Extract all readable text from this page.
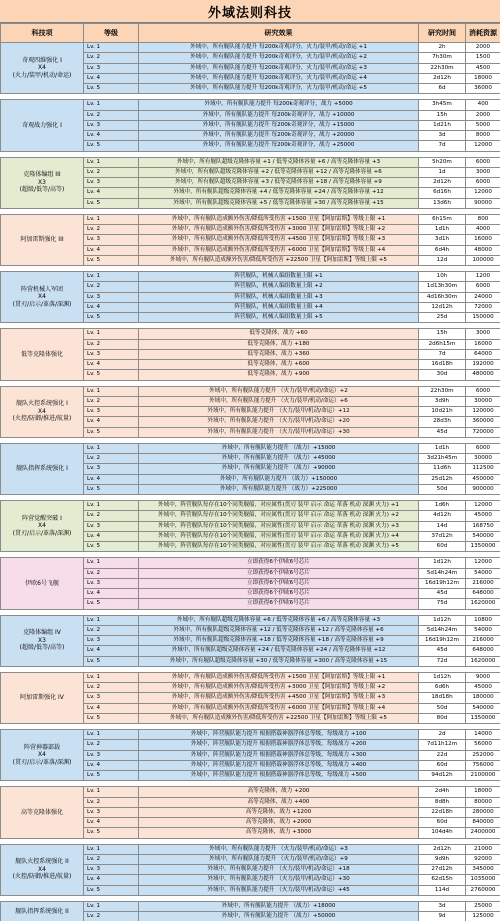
外域法则科技
科技项	等级	研究效果	研究时间	消耗资源

奇观四维强化 I
X4
(火力/装甲/机动/命运)	Lv. 1	外域中，所有舰队能力提升 每200k奇观评分，火力/装甲/机动/命运 +1	2h	2000
	Lv. 2	外域中，所有舰队能力提升 每200k奇观评分，火力/装甲/机动/命运 +2	7h30m	1500
	Lv. 3	外域中，所有舰队能力提升 每200k奇观评分，火力/装甲/机动/命运 +3	22h30m	4500
	Lv. 4	外域中，所有舰队能力提升 每200k奇观评分，火力/装甲/机动/命运 +4	2d12h	18000
	Lv. 5	外域中，所有舰队能力提升 每200k奇观评分，火力/装甲/机动/命运 +5	6d	36000

奇观战力强化 I	Lv. 1	外域中，所有舰队能力提升 每200k奇观评分，战力 +5000	3h45m	400
	Lv. 2	外域中，所有舰队能力提升 每200k奇观评分，战力 +10000	15h	2000
	Lv. 3	外域中，所有舰队能力提升 每200k奇观评分，战力 +15000	1d21h	5000
	Lv. 4	外域中，所有舰队能力提升 每200k奇观评分，战力 +20000	3d	8000
	Lv. 5	外域中，所有舰队能力提升 每200k奇观评分，战力 +25000	7d	12000

克隆体编组 III
X3
(超级/低等/高等)	Lv. 1	外域中，所有舰队超级克隆体容量 +1 / 低等克隆体容量 +6 / 高等克隆体容量 +3	5h20m	6000
	Lv. 2	外域中，所有舰队超级克隆体容量 +2 / 低等克隆体容量 +12 / 高等克隆体容量 +6	1d	3000
	Lv. 3	外域中，所有舰队超级克隆体容量 +3 / 低等克隆体容量 +18 / 高等克隆体容量 +9	2d12h	6000
	Lv. 4	外域中，所有舰队超级克隆体容量 +4 / 低等克隆体容量 +24 / 高等克隆体容量 +12	6d16h	12000
	Lv. 5	外域中，所有舰队超级克隆体容量 +5 / 低等克隆体容量 +30 / 高等克隆体容量 +15	13d6h	90000

阿加雷斯强化 III	Lv. 1	外域中，所有舰队造成额外伤害/降低所受伤害 +1500 卫星【阿加雷斯】等级上限 +1	6h15m	800
	Lv. 2	外域中，所有舰队造成额外伤害/降低所受伤害 +3000 卫星【阿加雷斯】等级上限 +2	1d1h	4000
	Lv. 3	外域中，所有舰队造成额外伤害/降低所受伤害 +4500 卫星【阿加雷斯】等级上限 +3	3d1h	16000
	Lv. 4	外域中，所有舰队造成额外伤害/降低所受伤害 +6000 卫星【阿加雷斯】等级上限 +4	6d4h	48000
	Lv. 5	外域中，所有舰队造成额外伤害/降低所受伤害 +22500 卫星【阿加雷斯】等级上限 +5	12d	100000

阵营机械人军团
X4
(贯刃/启示/革落/深渊)	Lv. 1	阵营舰队，机械人编组数量上限 +1	10h	1200
	Lv. 2	阵营舰队，机械人编组数量上限 +2	1d13h30m	6000
	Lv. 3	阵营舰队，机械人编组数量上限 +3	4d16h30m	24000
	Lv. 4	阵营舰队，机械人编组数量上限 +4	12d12h	72000
	Lv. 5	阵营舰队，机械人编组数量上限 +5	25d	150000

低等克隆体强化	Lv. 1	低等克隆体，战力 +60	15h	3000
	Lv. 2	低等克隆体，战力 +180	2d6h15m	16000
	Lv. 3	低等克隆体，战力 +360	7d	64000
	Lv. 4	低等克隆体，战力 +600	16d18h	192000
	Lv. 5	低等克隆体，战力 +900	30d	480000

舰队火控系统强化 I
X4
(火控/防御/推进/航量)	Lv. 1	外域中，所有舰队能力提升 （火力/装甲/机动/命运）+2	22h30m	6000
	Lv. 2	外域中，所有舰队能力提升 （火力/装甲/机动/命运）+6	3d9h	30000
	Lv. 3	外域中，所有舰队能力提升 （火力/装甲/机动/命运）+12	10d21h	120000
	Lv. 4	外域中，所有舰队能力提升 （火力/装甲/机动/命运）+20	28d3h	360000
	Lv. 5	外域中，所有舰队能力提升 （火力/装甲/机动/命运）+30	45d	720000

舰队指挥系统强化 I	Lv. 1	外域中，所有舰队能力提升 （战力）+15000	1d1h	6000
	Lv. 2	外域中，所有舰队能力提升 （战力）+45000	3d21h45m	30000
	Lv. 3	外域中，所有舰队能力提升 （战力）+90000	11d6h	112500
	Lv. 4	外域中，所有舰队能力提升 （战力）+150000	25d12h	450000
	Lv. 5	外域中，所有舰队能力提升 （战力）+225000	50d	900000

阵营觉醒突破 I
X4
(贯刃/启示/革落/深渊)	Lv. 1	外域中，阵营舰队每存在10个同类舰船，对应属性(贯刃 装甲 启示 命运 革落 机动 深渊 火力) +1	1d6h	12000
	Lv. 2	外域中，阵营舰队每存在10个同类舰船，对应属性(贯刃 装甲 启示 命运 革落 机动 深渊 火力) +2	4d12h	45000
	Lv. 3	外域中，阵营舰队每存在10个同类舰船，对应属性(贯刃 装甲 启示 命运 革落 机动 深渊 火力) +3	14d	168750
	Lv. 4	外域中，阵营舰队每存在10个同类舰船，对应属性(贯刃 装甲 启示 命运 革落 机动 深渊 火力) +4	37d12h	540000
	Lv. 5	外域中，阵营舰队每存在10个同类舰船，对应属性(贯刃 装甲 启示 命运 革落 机动 深渊 火力) +5	60d	1350000

伊欧6号飞舰	Lv. 1	立即获得6个伊欧6号芯片	1d12h	12000
	Lv. 2	立即获得6个伊欧6号芯片	5d14h24m	54000
	Lv. 3	立即获得6个伊欧6号芯片	16d19h12m	216000
	Lv. 4	立即获得6个伊欧6号芯片	45d	648000
	Lv. 5	立即获得6个伊欧6号芯片	75d	1620000

克隆体编组 IV
X3
(超级/低等/高等)	Lv. 1	外域中，所有舰队超级克隆体容量 +6 / 低等克隆体容量 +6 / 高等克隆体容量 +3	1d12h	10800
	Lv. 2	外域中，所有舰队超级克隆体容量 +12 / 低等克隆体容量 +12 / 高等克隆体容量 +6	5d14h24m	54000
	Lv. 3	外域中，所有舰队超级克隆体容量 +18 / 低等克隆体容量 +18 / 高等克隆体容量 +9	16d19h12m	216000
	Lv. 4	外域中，所有舰队超级克隆体容量 +24 / 低等克隆体容量 +24 / 高等克隆体容量 +12	45d	648000
	Lv. 5	外域中，所有舰队超级克隆体容量 +30 / 低等克隆体容量 +300 / 高等克隆体容量 +15	72d	1620000

阿加雷斯强化 IV	Lv. 1	外域中，所有舰队造成额外伤害/降低所受伤害 +1500 卫星【阿加雷斯】等级上限 +1	1d12h	9000
	Lv. 2	外域中，所有舰队造成额外伤害/降低所受伤害 +3000 卫星【阿加雷斯】等级上限 +2	6d6h	45000
	Lv. 3	外域中，所有舰队造成额外伤害/降低所受伤害 +4500 卫星【阿加雷斯】等级上限 +3	18d18h	180000
	Lv. 4	外域中，所有舰队造成额外伤害/降低所受伤害 +6000 卫星【阿加雷斯】等级上限 +4	50d	540000
	Lv. 5	外域中，所有舰队造成额外伤害/降低所受伤害 +22500 卫星【阿加雷斯】等级上限 +5	80d	1350000

阵营神器部载
X4
(贯刃/启示/革落/深渊)	Lv. 1	外域中，阵营舰队能力提升 根据搭载神器浮体总等级，每级战力 +100	2d	14000
	Lv. 2	外域中，阵营舰队能力提升 根据搭载神器浮体总等级，每级战力 +200	7d11h12m	56000
	Lv. 3	外域中，阵营舰队能力提升 根据搭载神器浮体总等级，每级战力 +300	22d	252000
	Lv. 4	外域中，阵营舰队能力提升 根据搭载神器浮体总等级，每级战力 +400	60d	756000
	Lv. 5	外域中，阵营舰队能力提升 根据搭载神器浮体总等级，每级战力 +500	94d12h	2100000

高等克隆体强化	Lv. 1	高等克隆体，战力 +200	2d4h	18000
	Lv. 2	高等克隆体，战力 +400	8d8h	80000
	Lv. 3	高等克隆体，战力 +1200	22d18h	280000
	Lv. 4	高等克隆体，战力 +2000	60d	840000
	Lv. 5	高等克隆体，战力 +3000	104d4h	2400000

舰队火控系统强化 II
X4
(火控/防御/推进/航量)	Lv. 1	外域中，所有舰队能力提升 （火力/装甲/机动/命运）+3	2d12h	21000
	Lv. 2	外域中，所有舰队能力提升 （火力/装甲/机动/命运）+9	9d9h	92000
	Lv. 3	外域中，所有舰队能力提升 （火力/装甲/机动/命运）+18	27d12h	345000
	Lv. 4	外域中，所有舰队能力提升 （火力/装甲/机动/命运）+30	62d15h	1035000
	Lv. 5	外域中，所有舰队能力提升 （火力/装甲/机动/命运）+45	114d	2760000

舰队指挥系统强化 II	Lv. 1	外域中，所有舰队能力提升 （战力）+18000	3d	25000
	Lv. 2	外域中，所有舰队能力提升 （战力）+50000	9d	125000
